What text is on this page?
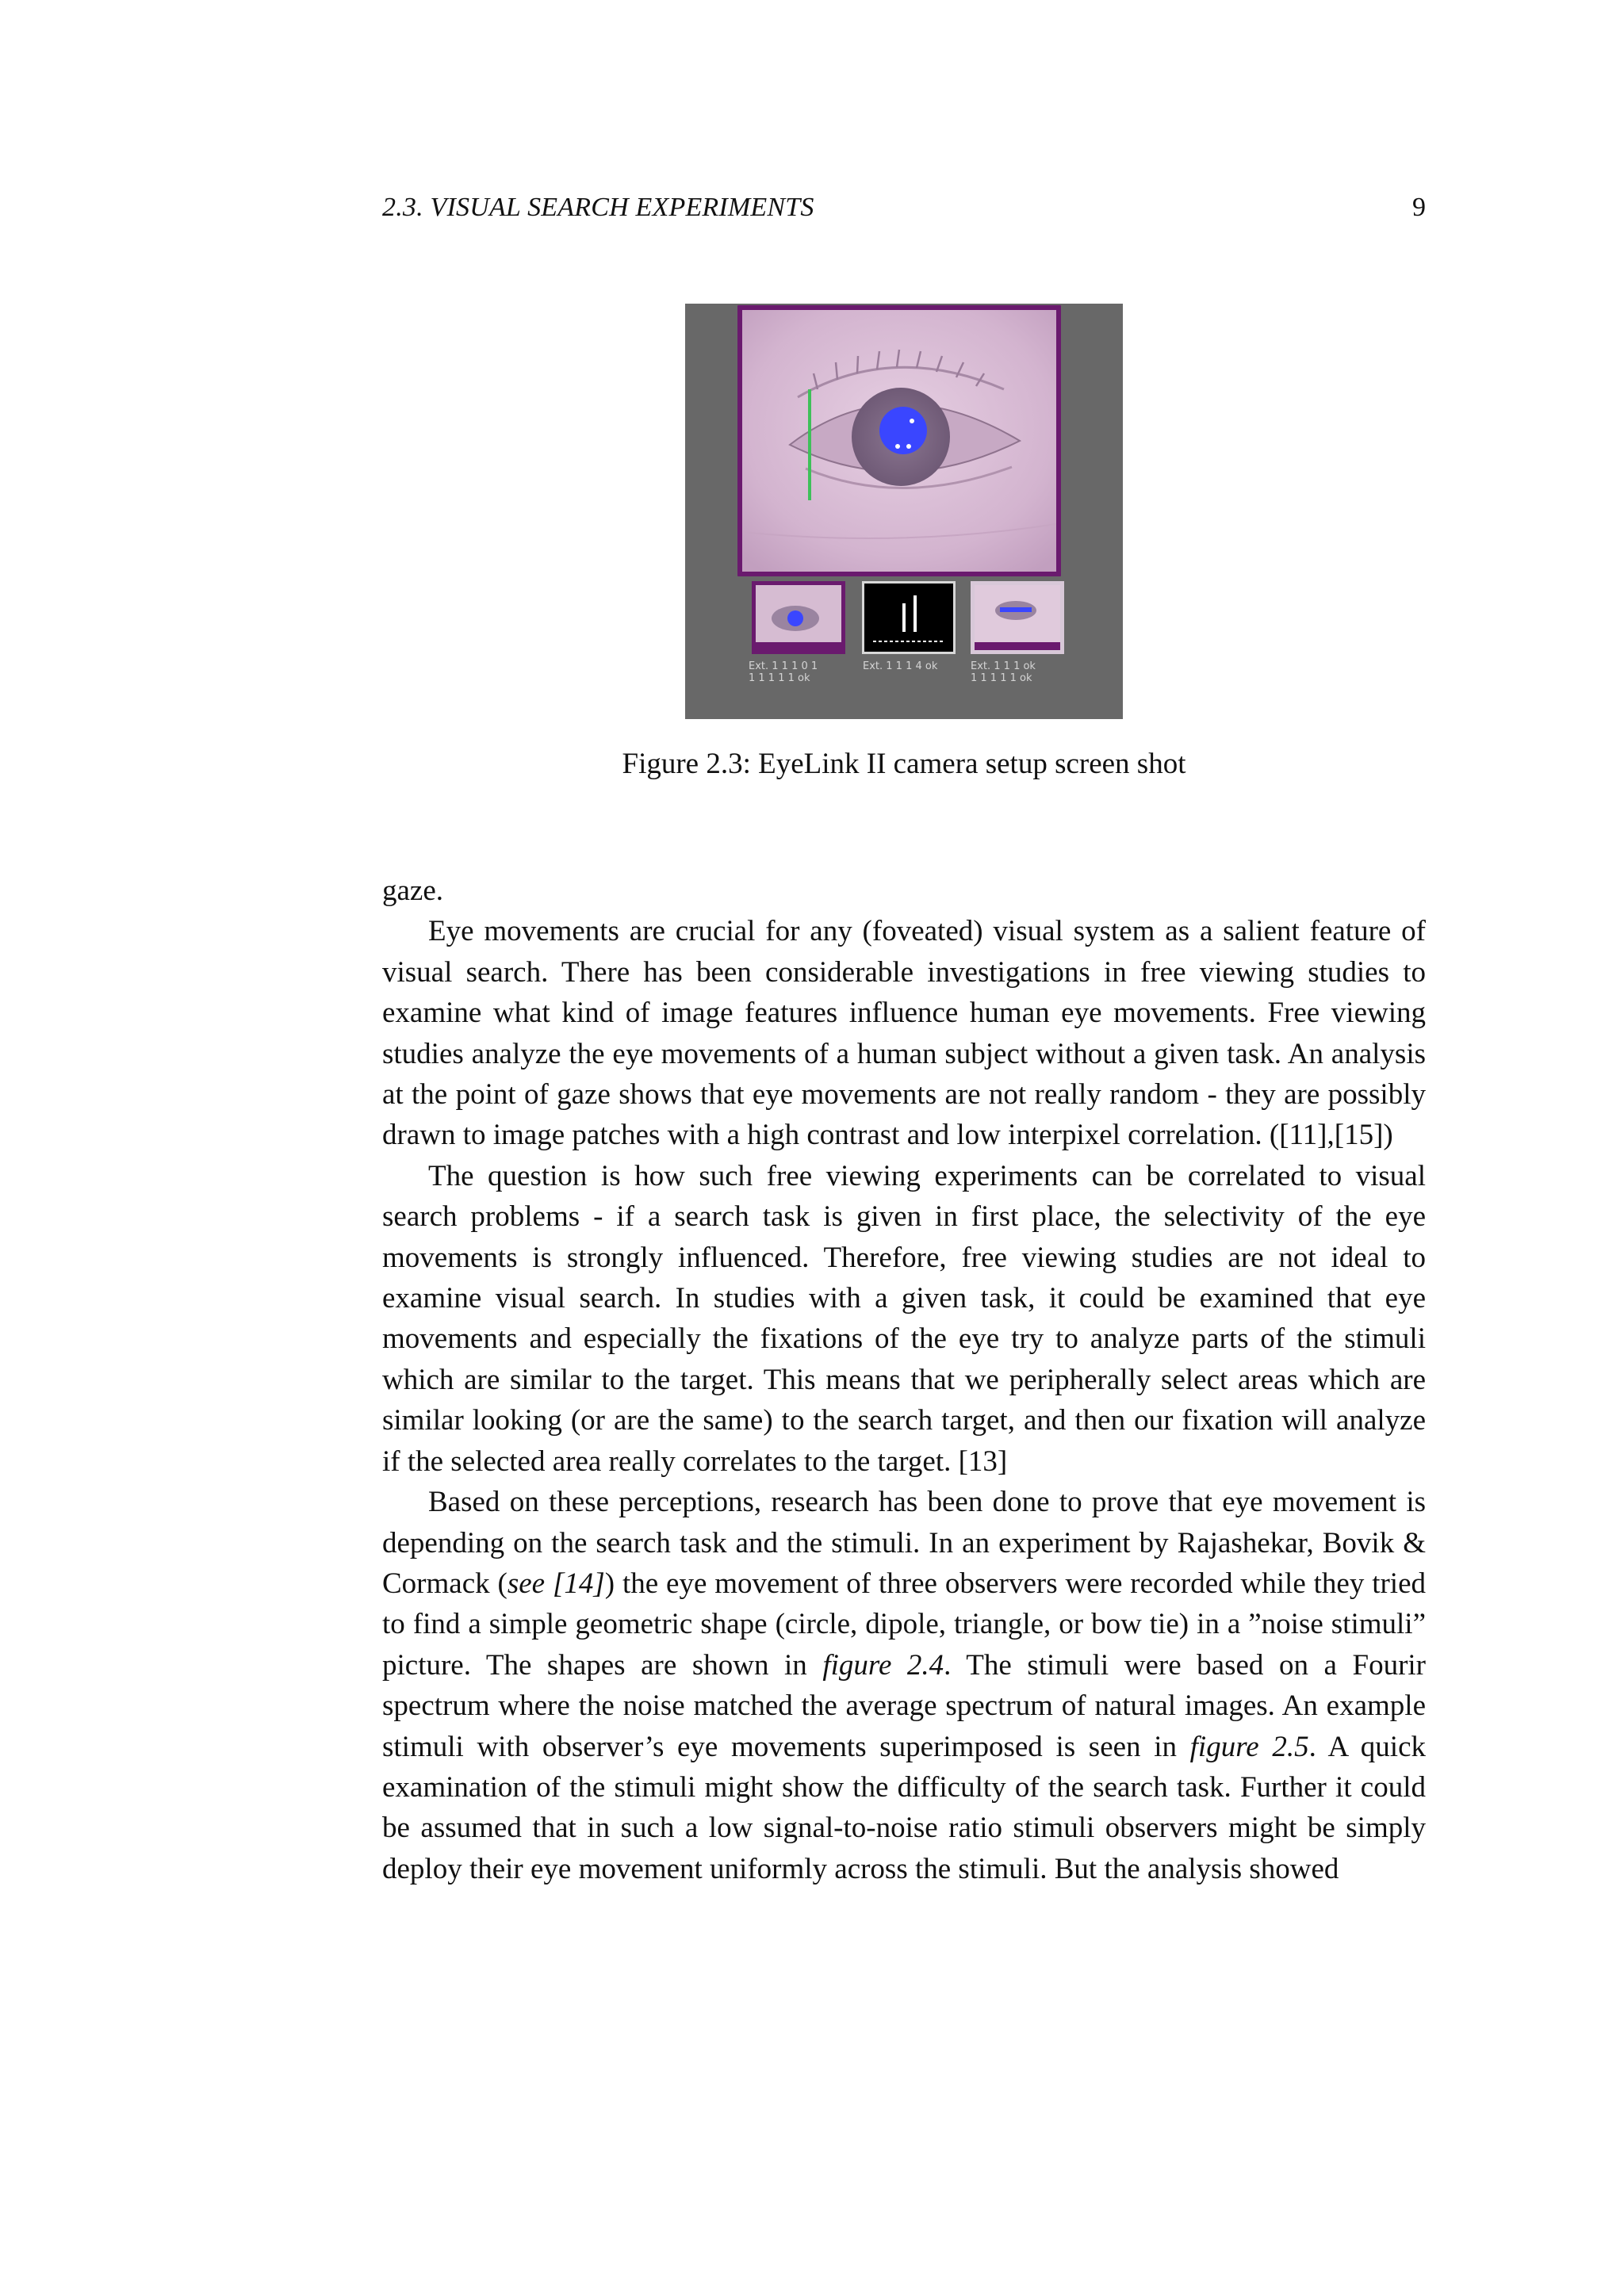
2.3. VISUAL SEARCH EXPERIMENTS	9
Ext. 1 1 1 0 1
1 1 1 1 1 ok
Ext. 1 1 1 4 ok	Ext. 1 1 1 ok
1 1 1 1 1 ok
Figure 2.3: EyeLink II camera setup screen shot

gaze.

Eye movements are crucial for any (foveated) visual system as a salient feature of visual search. There has been considerable investigations in free viewing studies to examine what kind of image features influence human eye movements. Free viewing studies analyze the eye movements of a human subject without a given task. An analysis at the point of gaze shows that eye movements are not really random - they are possibly drawn to image patches with a high contrast and low interpixel correlation. ([11],[15])

The question is how such free viewing experiments can be correlated to visual search problems - if a search task is given in first place, the selectivity of the eye movements is strongly influenced. Therefore, free viewing studies are not ideal to examine visual search. In studies with a given task, it could be examined that eye movements and especially the fixations of the eye try to analyze parts of the stimuli which are similar to the target. This means that we peripherally select areas which are similar looking (or are the same) to the search target, and then our fixation will analyze if the selected area really correlates to the target. [13]

Based on these perceptions, research has been done to prove that eye movement is depending on the search task and the stimuli. In an experiment by Rajashekar, Bovik & Cormack (see [14]) the eye movement of three observers were recorded while they tried to find a simple geometric shape (circle, dipole, triangle, or bow tie) in a ”noise stimuli” picture. The shapes are shown in figure 2.4. The stimuli were based on a Fourir spectrum where the noise matched the average spectrum of natural images. An example stimuli with observer’s eye movements superimposed is seen in figure 2.5. A quick examination of the stimuli might show the difficulty of the search task. Further it could be assumed that in such a low signal-to-noise ratio stimuli observers might be simply deploy their eye movement uniformly across the stimuli. But the analysis showed
